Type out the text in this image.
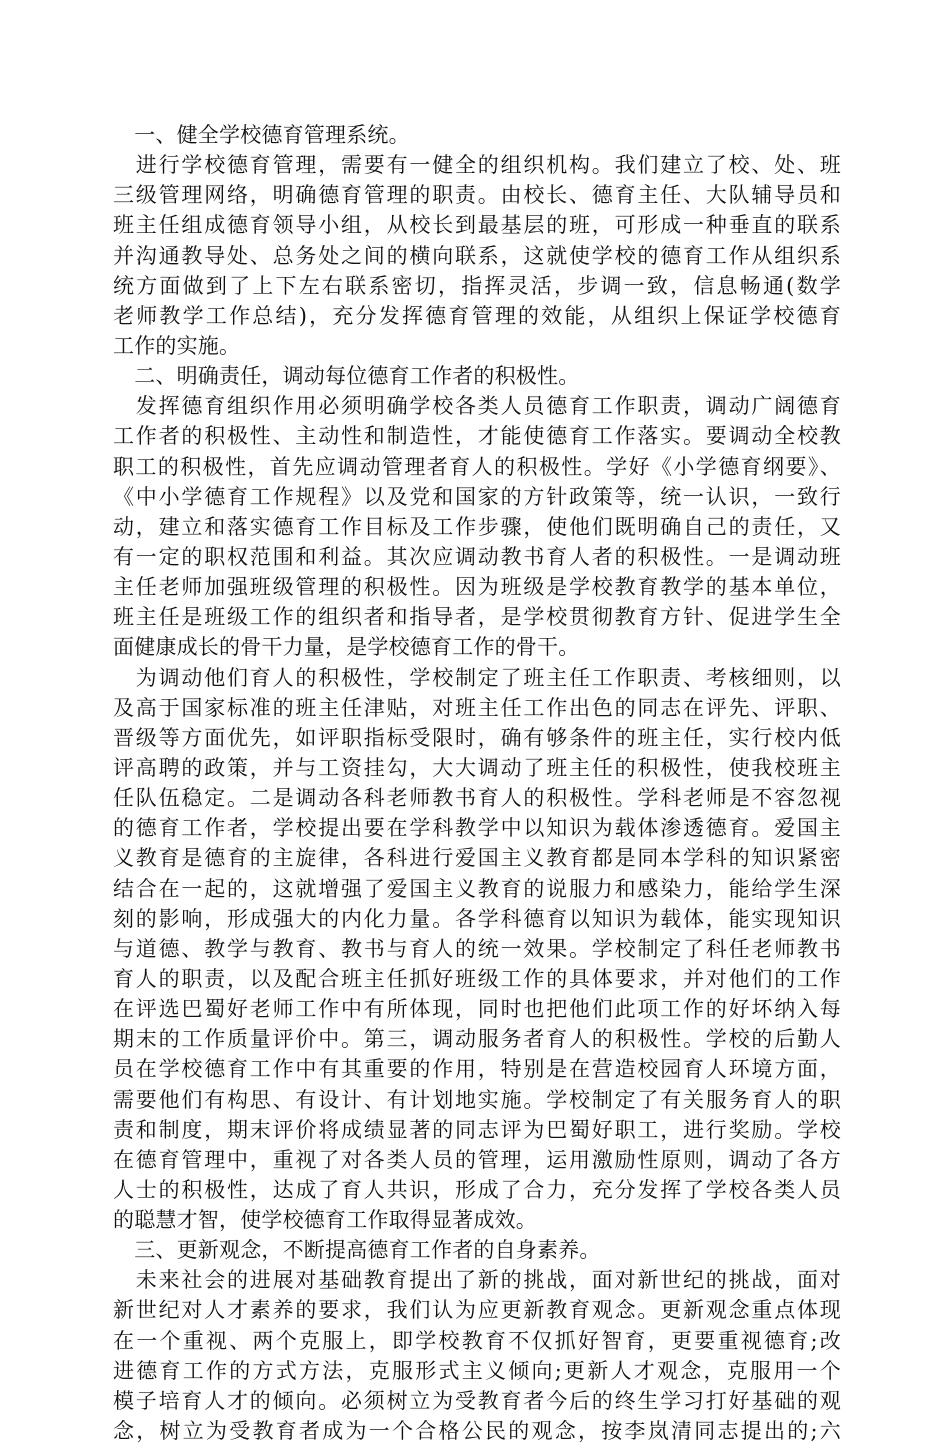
　一、健全学校德育管理系统。
　进行学校德育管理，需要有一健全的组织机构。我们建立了校、处、班
三级管理网络，明确德育管理的职责。由校长、德育主任、大队辅导员和
班主任组成德育领导小组，从校长到最基层的班，可形成一种垂直的联系
并沟通教导处、总务处之间的横向联系，这就使学校的德育工作从组织系
统方面做到了上下左右联系密切，指挥灵活，步调一致，信息畅通(数学
老师教学工作总结)，充分发挥德育管理的效能，从组织上保证学校德育
工作的实施。
　二、明确责任，调动每位德育工作者的积极性。
　发挥德育组织作用必须明确学校各类人员德育工作职责，调动广阔德育
工作者的积极性、主动性和制造性，才能使德育工作落实。要调动全校教
职工的积极性，首先应调动管理者育人的积极性。学好《小学德育纲要》、
《中小学德育工作规程》以及党和国家的方针政策等，统一认识，一致行
动，建立和落实德育工作目标及工作步骤，使他们既明确自己的责任，又
有一定的职权范围和利益。其次应调动教书育人者的积极性。一是调动班
主任老师加强班级管理的积极性。因为班级是学校教育教学的基本单位，
班主任是班级工作的组织者和指导者，是学校贯彻教育方针、促进学生全
面健康成长的骨干力量，是学校德育工作的骨干。
　为调动他们育人的积极性，学校制定了班主任工作职责、考核细则，以
及高于国家标准的班主任津贴，对班主任工作出色的同志在评先、评职、
晋级等方面优先，如评职指标受限时，确有够条件的班主任，实行校内低
评高聘的政策，并与工资挂勾，大大调动了班主任的积极性，使我校班主
任队伍稳定。二是调动各科老师教书育人的积极性。学科老师是不容忽视
的德育工作者，学校提出要在学科教学中以知识为载体渗透德育。爱国主
义教育是德育的主旋律，各科进行爱国主义教育都是同本学科的知识紧密
结合在一起的，这就增强了爱国主义教育的说服力和感染力，能给学生深
刻的影响，形成强大的内化力量。各学科德育以知识为载体，能实现知识
与道德、教学与教育、教书与育人的统一效果。学校制定了科任老师教书
育人的职责，以及配合班主任抓好班级工作的具体要求，并对他们的工作
在评选巴蜀好老师工作中有所体现，同时也把他们此项工作的好坏纳入每
期末的工作质量评价中。第三，调动服务者育人的积极性。学校的后勤人
员在学校德育工作中有其重要的作用，特别是在营造校园育人环境方面，
需要他们有构思、有设计、有计划地实施。学校制定了有关服务育人的职
责和制度，期末评价将成绩显著的同志评为巴蜀好职工，进行奖励。学校
在德育管理中，重视了对各类人员的管理，运用激励性原则，调动了各方
人士的积极性，达成了育人共识，形成了合力，充分发挥了学校各类人员
的聪慧才智，使学校德育工作取得显著成效。
　三、更新观念，不断提高德育工作者的自身素养。
　未来社会的进展对基础教育提出了新的挑战，面对新世纪的挑战，面对
新世纪对人才素养的要求，我们认为应更新教育观念。更新观念重点体现
在一个重视、两个克服上，即学校教育不仅抓好智育，更要重视德育;改
进德育工作的方式方法，克服形式主义倾向;更新人才观念，克服用一个
模子培育人才的倾向。必须树立为受教育者今后的终生学习打好基础的观
念，树立为受教育者成为一个合格公民的观念，按李岚清同志提出的;六
